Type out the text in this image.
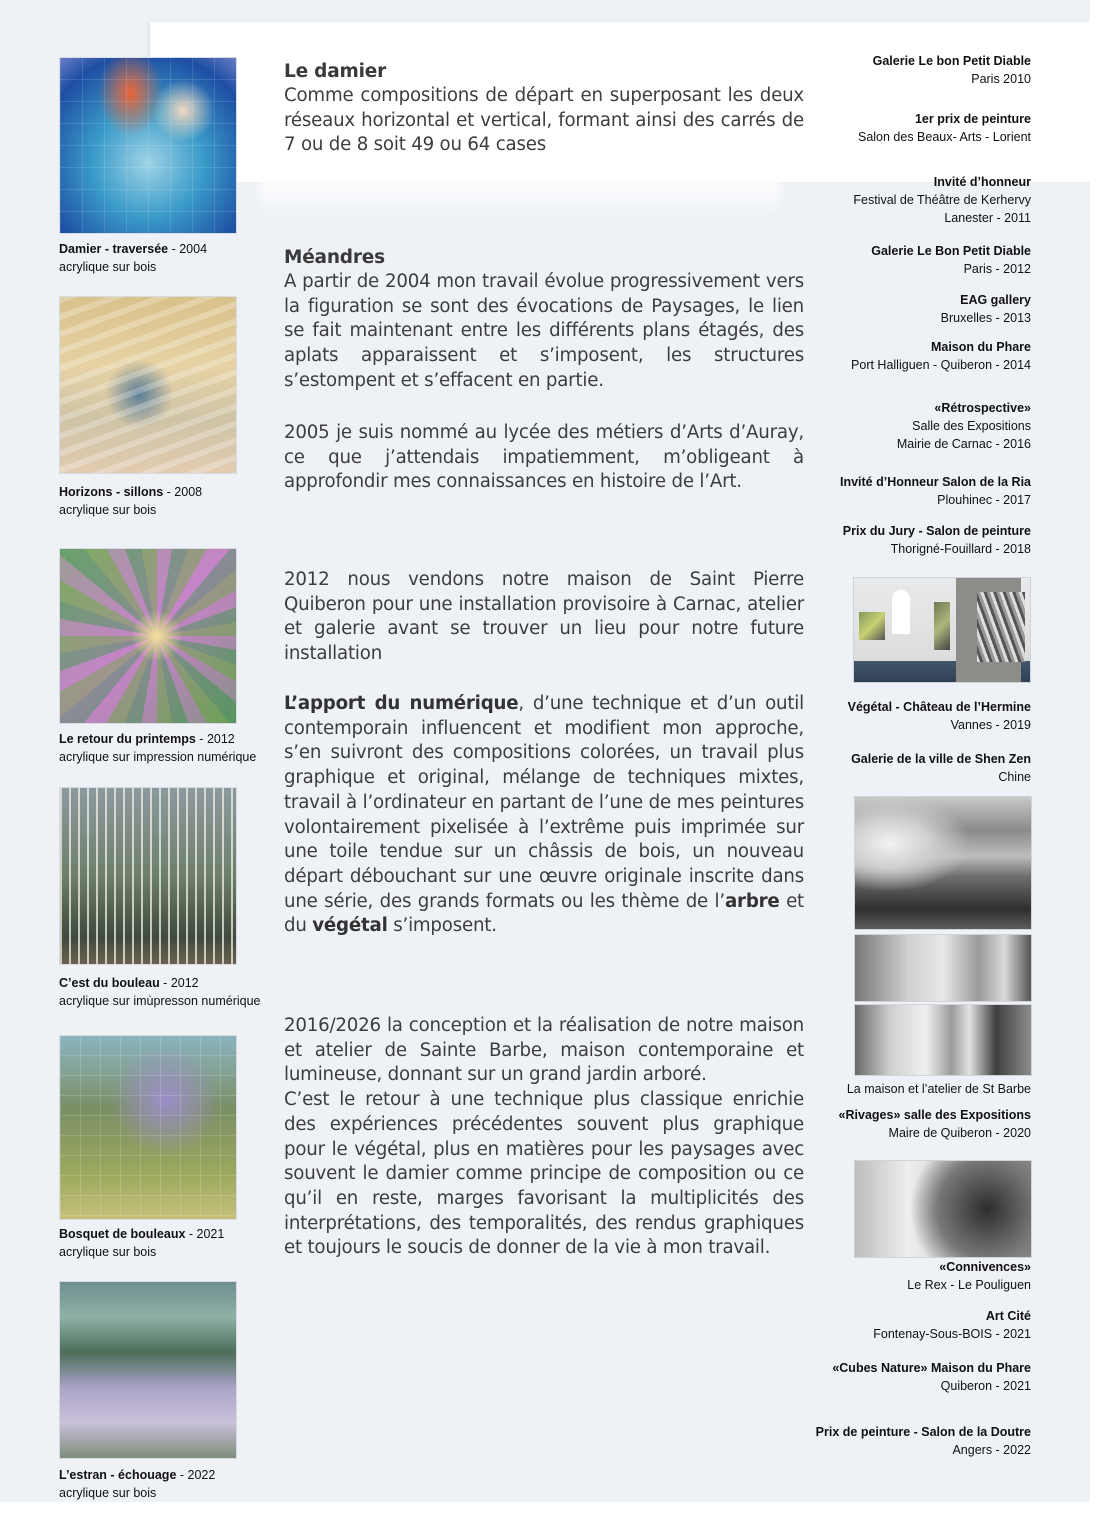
Damier - traversée - 2004
acrylique sur bois
Horizons - sillons - 2008
acrylique sur bois
Le retour du printemps - 2012
acrylique sur impression numérique
C’est du bouleau - 2012
acrylique sur imùpresson numérique
Bosquet de bouleaux - 2021
acrylique sur bois
L’estran - échouage - 2022
acrylique sur bois
Le damier

Comme compositions de départ en superposant les deux réseaux horizontal et vertical, formant ainsi des carrés de 7 ou de 8 soit 49 ou 64 cases

Méandres

A partir de 2004 mon travail évolue progressivement vers la figuration se sont des évocations de Paysages, le lien se fait maintenant entre les différents plans étagés, des aplats apparaissent et s’imposent, les structures s’estompent et s’effacent en partie.

2005 je suis nommé au lycée des métiers d’Arts d’Auray, ce que j’attendais impatiemment, m’obligeant à approfondir mes connaissances en histoire de l’Art.

2012 nous vendons notre maison de Saint Pierre Quiberon pour une installation provisoire à Carnac, atelier et galerie avant se trouver un lieu pour notre future installation

L’apport du numérique, d’une technique et d’un outil contemporain influencent et modifient mon approche, s’en suivront des compositions colorées, un travail plus graphique et original, mélange de techniques mixtes, travail à l’ordinateur en partant de l’une de mes peintures volontairement pixelisée à l’extrême puis imprimée sur une toile tendue sur un châssis de bois, un nouveau départ débouchant sur une œuvre originale inscrite dans une série, des grands formats ou les thème de l’arbre et du végétal s’imposent.

2016/2026 la conception et la réalisation de notre maison et atelier de Sainte Barbe, maison contemporaine et lumineuse, donnant sur un grand jardin arboré.

C’est le retour à une technique plus classique enrichie des expériences précédentes souvent plus graphique pour le végétal, plus en matières pour les paysages avec souvent le damier comme principe de composition ou ce qu’il en reste, marges favorisant la multiplicités des interprétations, des temporalités, des rendus graphiques et toujours le soucis de donner de la vie à mon travail.

Galerie Le bon Petit Diable
Paris 2010
1er prix de peinture
Salon des Beaux- Arts - Lorient
Invité d’honneur
Festival de Théâtre de Kerhervy
Lanester - 2011
Galerie Le Bon Petit Diable
Paris - 2012
EAG gallery
Bruxelles - 2013
Maison du Phare
Port Halliguen - Quiberon - 2014
«Rétrospective»
Salle des Expositions
Mairie de Carnac - 2016
Invité d’Honneur Salon de la Ria
Plouhinec - 2017
Prix du Jury - Salon de peinture
Thorigné-Fouillard - 2018
Végétal - Château de l’Hermine
Vannes - 2019
Galerie de la ville de Shen Zen
Chine
La maison et l’atelier de St Barbe
«Rivages» salle des Expositions
Maire de Quiberon - 2020
«Connivences»
Le Rex - Le Pouliguen
Art Cité
Fontenay-Sous-BOIS - 2021
«Cubes Nature» Maison du Phare
Quiberon - 2021
Prix de peinture - Salon de la Doutre
Angers - 2022
